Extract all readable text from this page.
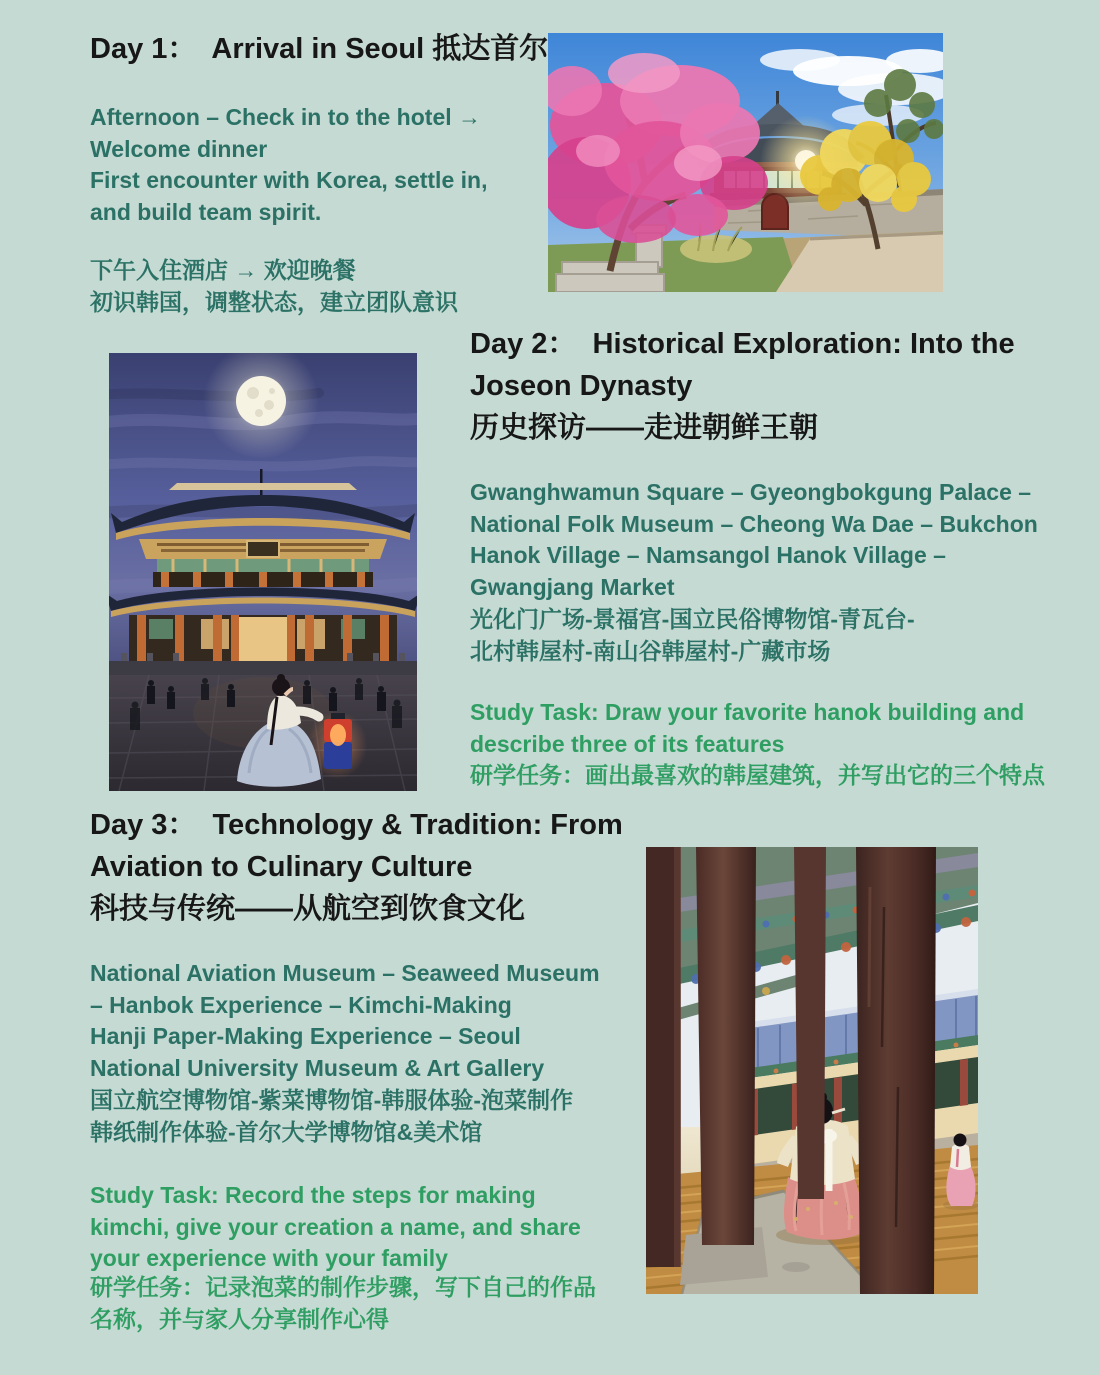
Day 1：  Arrival in Seoul 抵达首尔
Afternoon – Check in to the hotel →
Welcome dinner
First encounter with Korea, settle in,
and build team spirit.
下午入住酒店 → 欢迎晚餐
初识韩国，调整状态，建立团队意识
Day 2：  Historical Exploration: Into the
Joseon Dynasty
历史探访——走进朝鲜王朝
Gwanghwamun Square – Gyeongbokgung Palace –
National Folk Museum – Cheong Wa Dae – Bukchon
Hanok Village – Namsangol Hanok Village –
Gwangjang Market
光化门广场-景福宫-国立民俗博物馆-青瓦台-
北村韩屋村-南山谷韩屋村-广藏市场
Study Task: Draw your favorite hanok building and
describe three of its features
研学任务：画出最喜欢的韩屋建筑，并写出它的三个特点
Day 3：  Technology & Tradition: From
Aviation to Culinary Culture
科技与传统——从航空到饮食文化
National Aviation Museum – Seaweed Museum
– Hanbok Experience – Kimchi-Making
Hanji Paper-Making Experience – Seoul
National University Museum & Art Gallery
国立航空博物馆-紫菜博物馆-韩服体验-泡菜制作
韩纸制作体验-首尔大学博物馆&美术馆
Study Task: Record the steps for making
kimchi, give your creation a name, and share
your experience with your family
研学任务：记录泡菜的制作步骤，写下自己的作品
名称，并与家人分享制作心得
